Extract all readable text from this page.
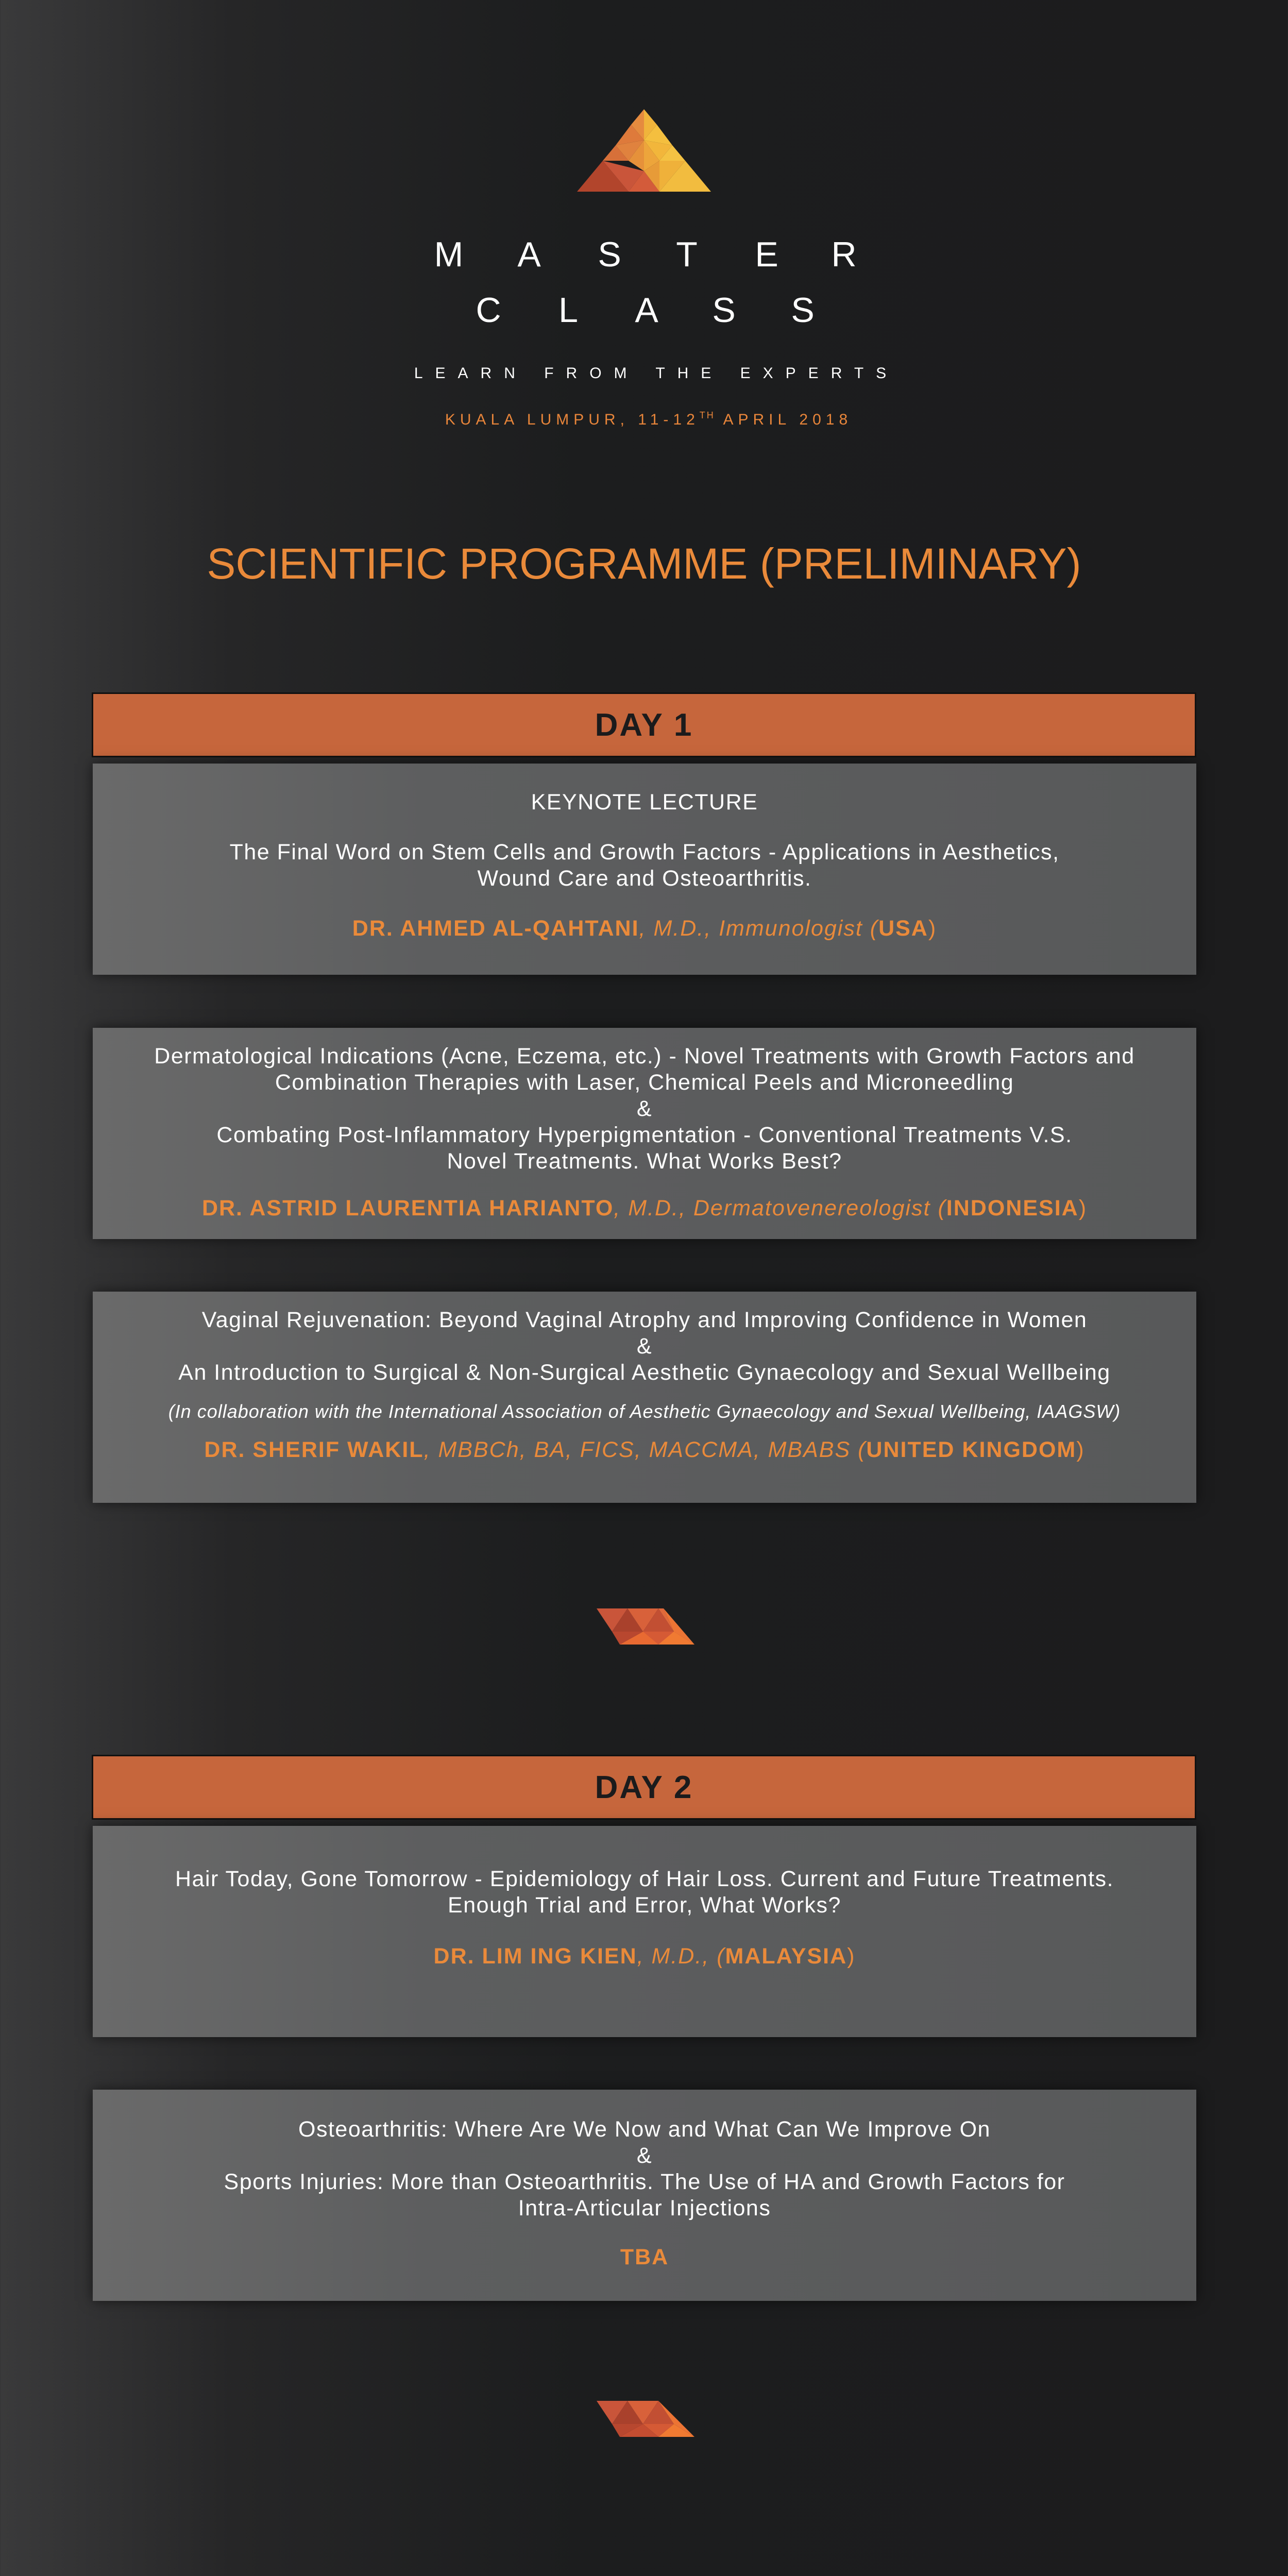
M A S T E R
C L A S S
LEARN FROM THE EXPERTS
KUALA LUMPUR, 11-12TH APRIL 2018
SCIENTIFIC PROGRAMME (PRELIMINARY)
DAY 1
KEYNOTE LECTURE
The Final Word on Stem Cells and Growth Factors - Applications in Aesthetics,
Wound Care and Osteoarthritis.
DR. AHMED AL-QAHTANI, M.D., Immunologist (USA)
Dermatological Indications (Acne, Eczema, etc.) - Novel Treatments with Growth Factors and
Combination Therapies with Laser, Chemical Peels and Microneedling
&
Combating Post-Inflammatory Hyperpigmentation - Conventional Treatments V.S.
Novel Treatments. What Works Best?
DR. ASTRID LAURENTIA HARIANTO, M.D., Dermatovenereologist (INDONESIA)
Vaginal Rejuvenation: Beyond Vaginal Atrophy and Improving Confidence in Women
&
An Introduction to Surgical & Non-Surgical Aesthetic Gynaecology and Sexual Wellbeing
(In collaboration with the International Association of Aesthetic Gynaecology and Sexual Wellbeing, IAAGSW)
DR. SHERIF WAKIL, MBBCh, BA, FICS, MACCMA, MBABS (UNITED KINGDOM)
DAY 2
Hair Today, Gone Tomorrow - Epidemiology of Hair Loss. Current and Future Treatments.
Enough Trial and Error, What Works?
DR. LIM ING KIEN, M.D., (MALAYSIA)
Osteoarthritis: Where Are We Now and What Can We Improve On
&
Sports Injuries: More than Osteoarthritis. The Use of HA and Growth Factors for
Intra-Articular Injections
TBA
